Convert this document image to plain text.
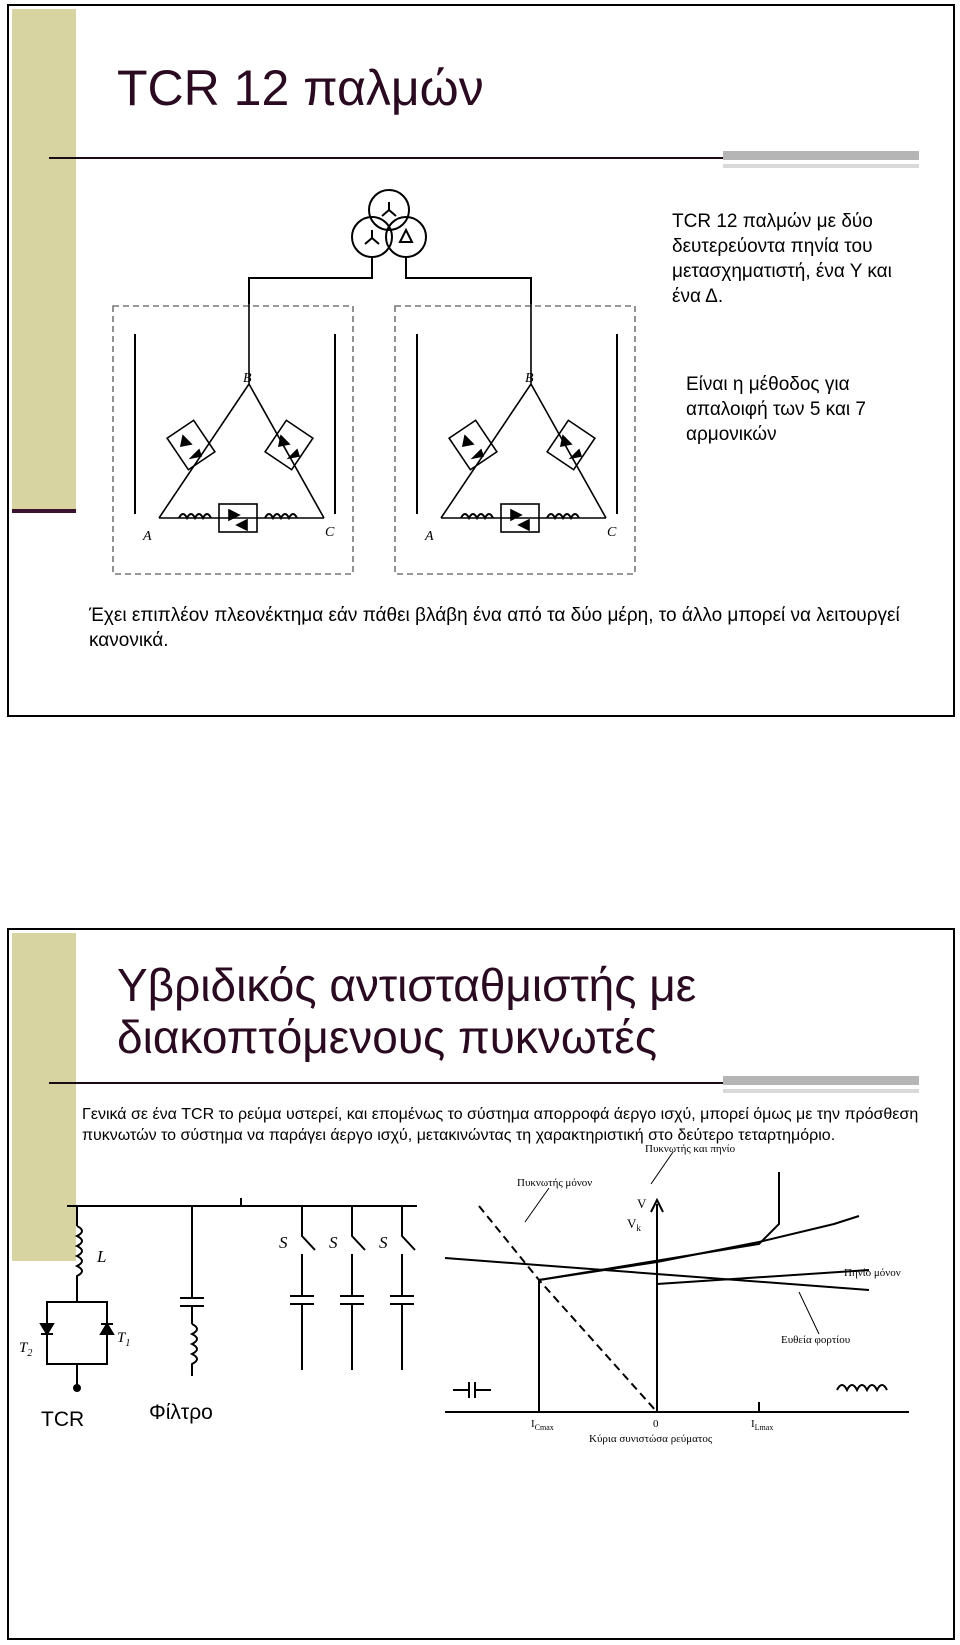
TCR 12 παλμών
B
A	C
B
A	C
TCR 12 παλμών με δύο δευτερεύοντα πηνία του μετασχηματιστή, ένα Υ και ένα Δ.
Είναι η μέθοδος για απαλοιφή των 5 και 7 αρμονικών
Έχει επιπλέον πλεονέκτημα εάν πάθει βλάβη ένα από τα δύο μέρη, το άλλο μπορεί να λειτουργεί κανονικά.
Υβριδικός αντισταθμιστής με
διακοπτόμενους πυκνωτές
Γενικά σε ένα TCR το ρεύμα υστερεί, και επομένως το σύστημα απορροφά άεργο ισχύ, μπορεί όμως με την πρόσθεση πυκνωτών το σύστημα να παράγει άεργο ισχύ, μετακινώντας τη χαρακτηριστική στο δεύτερο τεταρτημόριο.
L
$T_2$
$T_1$
S S S
TCR	Φίλτρο
Πυκνωτής και πηνίο
Πυκνωτής μόνον
V
$V_k$
Πηνίο μόνον
Ευθεία φορτίου
$I_{Cmax}$	0	$I_{Lmax}$
Κύρια συνιστώσα ρεύματος
